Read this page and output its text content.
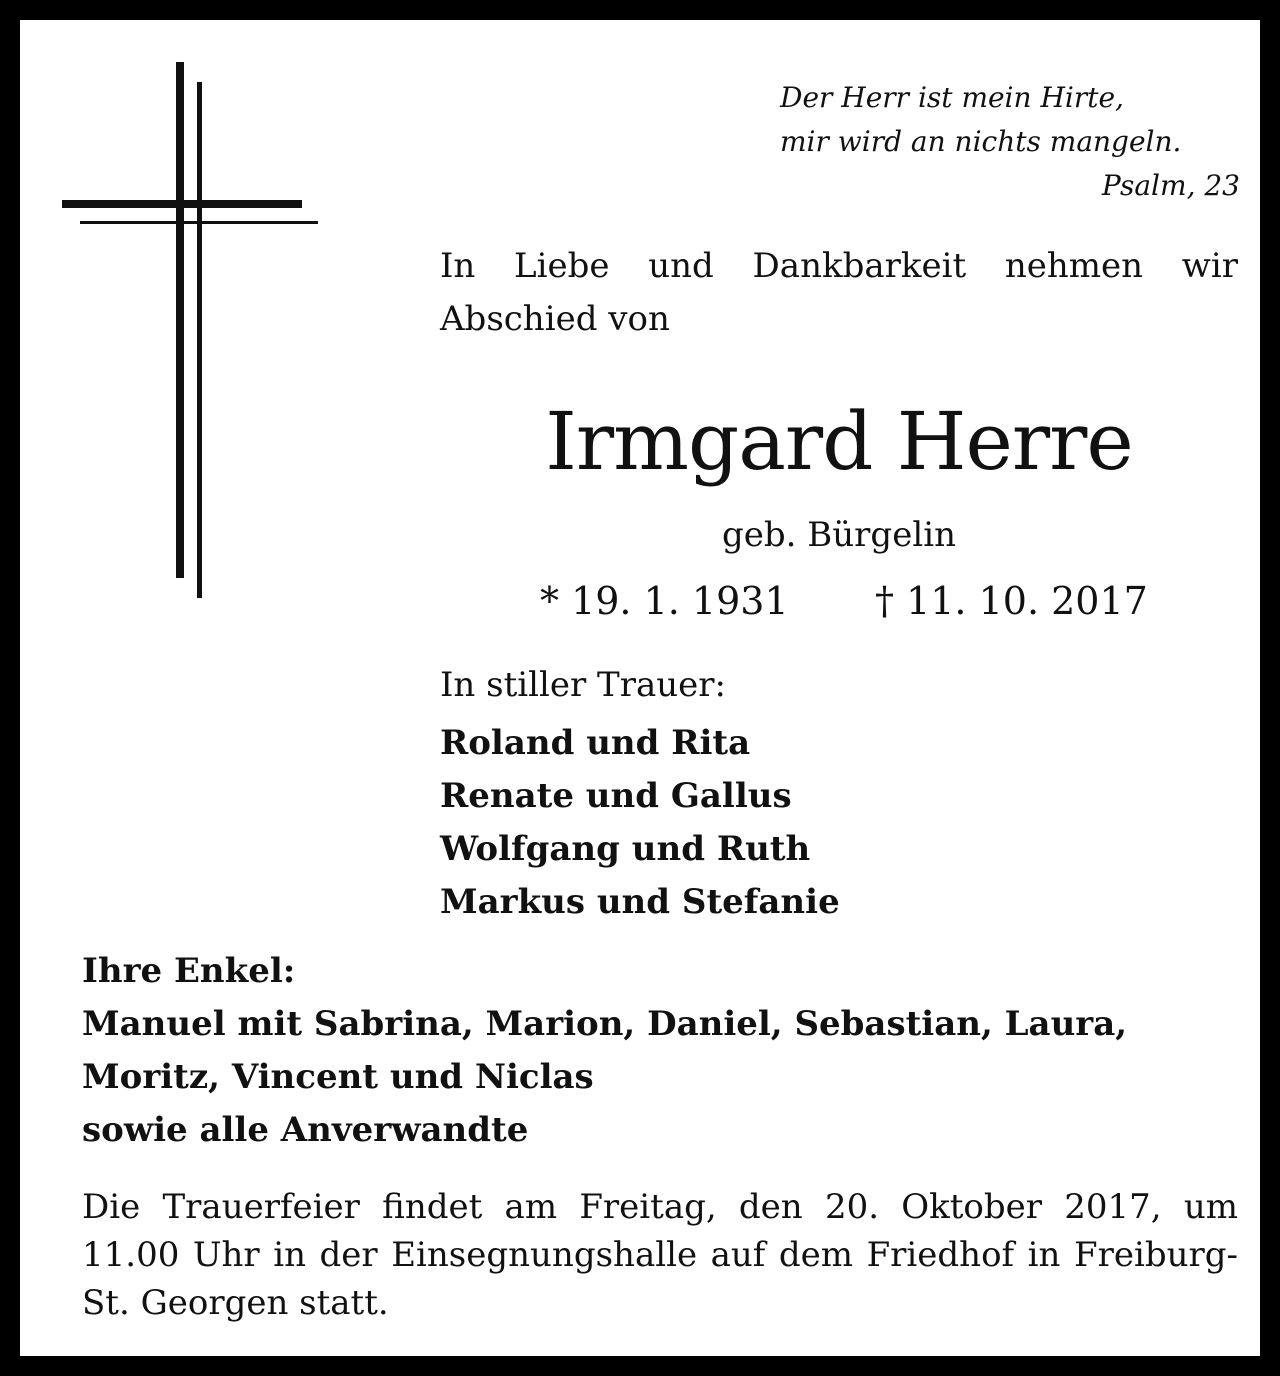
Der Herr ist mein Hirte,
mir wird an nichts mangeln.
Psalm, 23
In Liebe und Dankbarkeit nehmen wir Abschied von
Irmgard Herre
geb. Bürgelin
* 19. 1. 1931 † 11. 10. 2017
In stiller Trauer:
Roland und Rita
Renate und Gallus
Wolfgang und Ruth
Markus und Stefanie
Ihre Enkel:
Manuel mit Sabrina, Marion, Daniel, Sebastian, Laura,
Moritz, Vincent und Niclas
sowie alle Anverwandte
Die Trauerfeier findet am Freitag, den 20. Oktober 2017, um 11.00 Uhr in der Einsegnungshalle auf dem Friedhof in Freiburg-St. Georgen statt.
